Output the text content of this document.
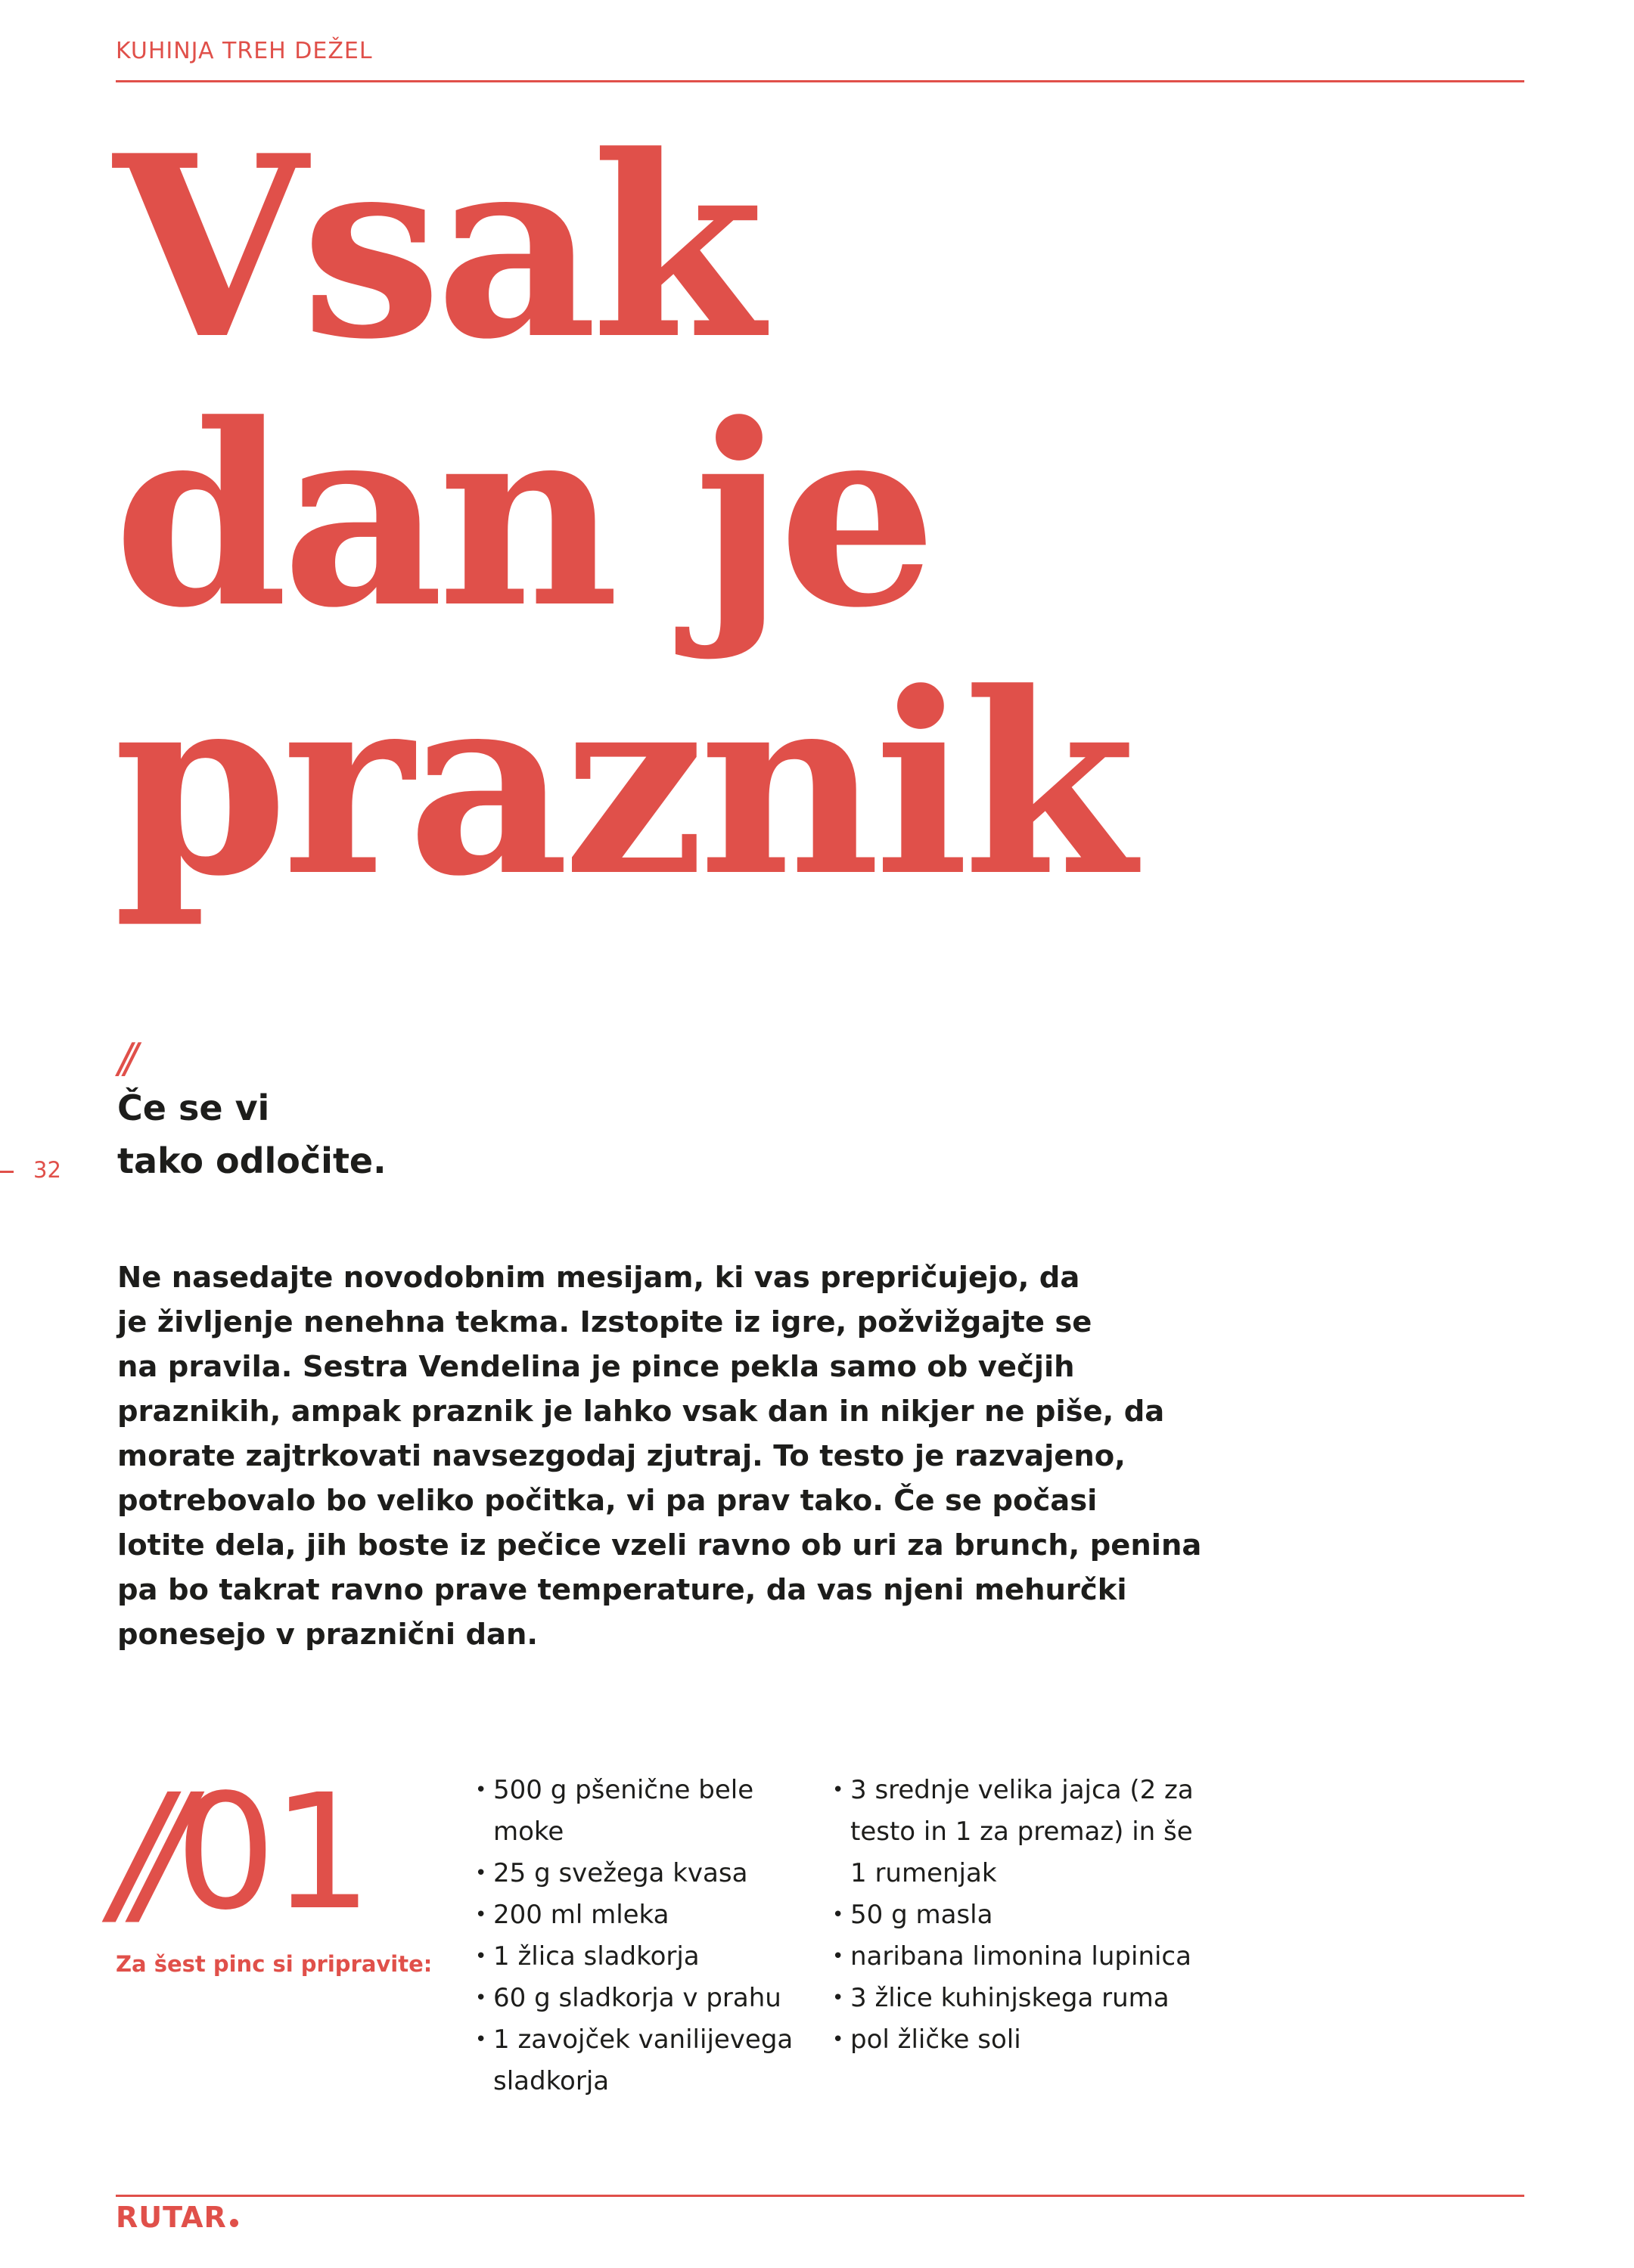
KUHINJA TREH DEŽEL
Vsak
dan je
praznik
//
Če se vi
tako odločite.
32

Ne nasedajte novodobnim mesijam, ki vas prepričujejo, da
je življenje nenehna tekma. Izstopite iz igre, požvižgajte se
na pravila. Sestra Vendelina je pince pekla samo ob večjih
praznikih, ampak praznik je lahko vsak dan in nikjer ne piše, da
morate zajtrkovati navsezgodaj zjutraj. To testo je razvajeno,
potrebovalo bo veliko počitka, vi pa prav tako. Če se počasi
lotite dela, jih boste iz pečice vzeli ravno ob uri za brunch, penina
pa bo takrat ravno prave temperature, da vas njeni mehurčki
ponesejo v praznični dan.

//01
Za šest pinc si pripravite:
• 500 g pšenične bele moke
• 25 g svežega kvasa
• 200 ml mleka
• 1 žlica sladkorja
• 60 g sladkorja v prahu
• 1 zavojček vanilijevega sladkorja
• 3 srednje velika jajca (2 za testo in 1 za premaz) in še 1 rumenjak
• 50 g masla
• naribana limonina lupinica
• 3 žlice kuhinjskega ruma
• pol žličke soli
RUTAR
